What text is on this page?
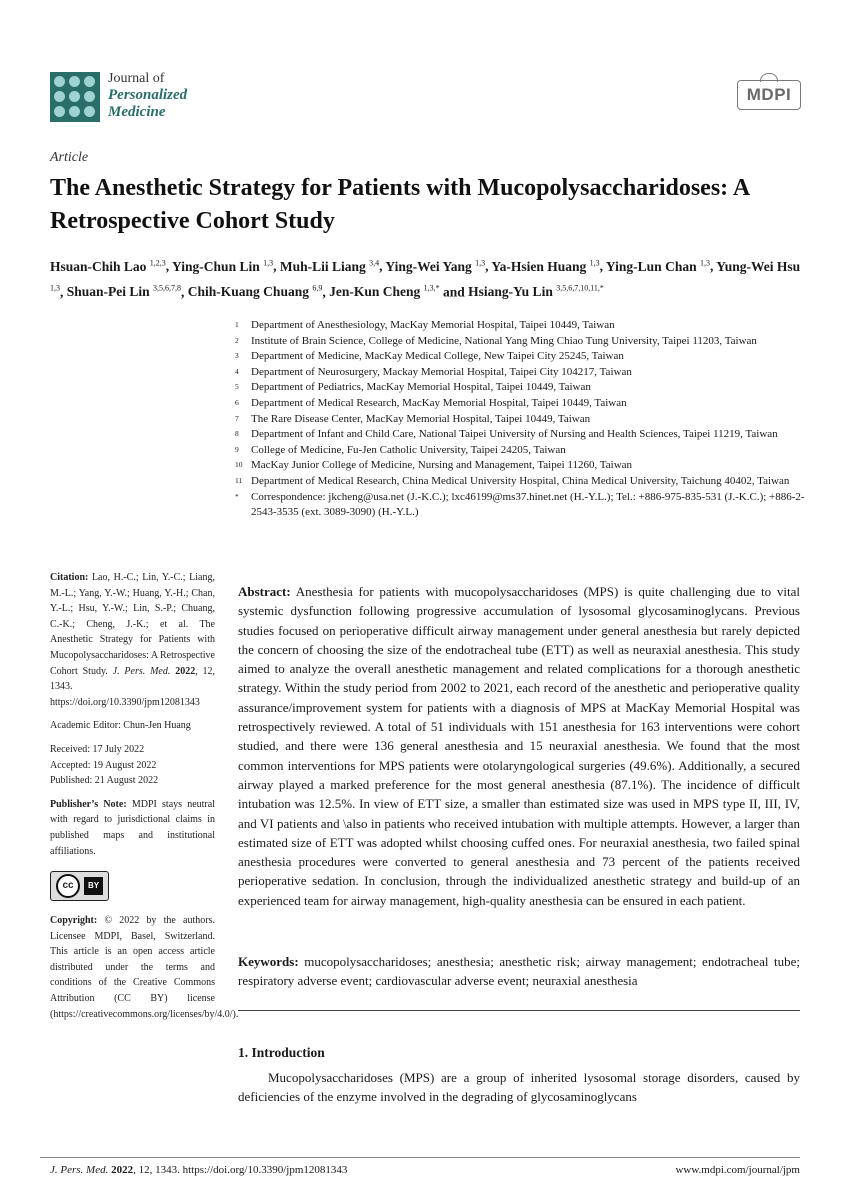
Journal of
Personalized
Medicine
MDPI
Article
The Anesthetic Strategy for Patients with Mucopolysaccharidoses: A Retrospective Cohort Study
Hsuan-Chih Lao $^{1,2,3}$, Ying-Chun Lin $^{1,3}$, Muh-Lii Liang $^{3,4}$, Ying-Wei Yang $^{1,3}$, Ya-Hsien Huang $^{1,3}$, Ying-Lun Chan $^{1,3}$, Yung-Wei Hsu $^{1,3}$, Shuan-Pei Lin $^{3,5,6,7,8}$, Chih-Kuang Chuang $^{6,9}$, Jen-Kun Cheng $^{1,3,*}$ and Hsiang-Yu Lin $^{3,5,6,7,10,11,*}$
1 Department of Anesthesiology, MacKay Memorial Hospital, Taipei 10449, Taiwan
2 Institute of Brain Science, College of Medicine, National Yang Ming Chiao Tung University, Taipei 11203, Taiwan
3 Department of Medicine, MacKay Medical College, New Taipei City 25245, Taiwan
4 Department of Neurosurgery, Mackay Memorial Hospital, Taipei City 104217, Taiwan
5 Department of Pediatrics, MacKay Memorial Hospital, Taipei 10449, Taiwan
6 Department of Medical Research, MacKay Memorial Hospital, Taipei 10449, Taiwan
7 The Rare Disease Center, MacKay Memorial Hospital, Taipei 10449, Taiwan
8 Department of Infant and Child Care, National Taipei University of Nursing and Health Sciences, Taipei 11219, Taiwan
9 College of Medicine, Fu-Jen Catholic University, Taipei 24205, Taiwan
10 MacKay Junior College of Medicine, Nursing and Management, Taipei 11260, Taiwan
11 Department of Medical Research, China Medical University Hospital, China Medical University, Taichung 40402, Taiwan
* Correspondence: jkcheng@usa.net (J.-K.C.); lxc46199@ms37.hinet.net (H.-Y.L.); Tel.: +886-975-835-531 (J.-K.C.); +886-2-2543-3535 (ext. 3089-3090) (H.-Y.L.)

Citation: Lao, H.-C.; Lin, Y.-C.; Liang, M.-L.; Yang, Y.-W.; Huang, Y.-H.; Chan, Y.-L.; Hsu, Y.-W.; Lin, S.-P.; Chuang, C.-K.; Cheng, J.-K.; et al. The Anesthetic Strategy for Patients with Mucopolysaccharidoses: A Retrospective Cohort Study. J. Pers. Med. 2022, 12, 1343. https://doi.org/10.3390/jpm12081343

Academic Editor: Chun-Jen Huang

Received: 17 July 2022
Accepted: 19 August 2022

Published: 21 August 2022

Publisher’s Note: MDPI stays neutral with regard to jurisdictional claims in published maps and institutional affiliations.

cc	BY

Copyright: © 2022 by the authors. Licensee MDPI, Basel, Switzerland. This article is an open access article distributed under the terms and conditions of the Creative Commons Attribution (CC BY) license (https://creativecommons.org/licenses/by/4.0/).

Abstract: Anesthesia for patients with mucopolysaccharidoses (MPS) is quite challenging due to vital systemic dysfunction following progressive accumulation of lysosomal glycosaminoglycans. Previous studies focused on perioperative difficult airway management under general anesthesia but rarely depicted the concern of choosing the size of the endotracheal tube (ETT) as well as neuraxial anesthesia. This study aimed to analyze the overall anesthetic management and related complications for a thorough anesthetic strategy. Within the study period from 2002 to 2021, each record of the anesthetic and perioperative quality assurance/improvement system for patients with a diagnosis of MPS at MacKay Memorial Hospital was retrospectively reviewed. A total of 51 individuals with 151 anesthesia for 163 interventions were cohort studied, and there were 136 general anesthesia and 15 neuraxial anesthesia. We found that the most common interventions for MPS patients were otolaryngological surgeries (49.6%). Additionally, a secured airway played a marked preference for the most general anesthesia (87.1%). The incidence of difficult intubation was 12.5%. In view of ETT size, a smaller than estimated size was used in MPS type II, III, IV, and VI patients and \also in patients who received intubation with multiple attempts. However, a larger than estimated size of ETT was adopted whilst choosing cuffed ones. For neuraxial anesthesia, two failed spinal anesthesia procedures were converted to general anesthesia and 73 percent of the patients received perioperative sedation. In conclusion, through the individualized anesthetic strategy and build-up of an experienced team for airway management, high-quality anesthesia can be ensured in each patient.
Keywords: mucopolysaccharidoses; anesthesia; anesthetic risk; airway management; endotracheal tube; respiratory adverse event; cardiovascular adverse event; neuraxial anesthesia
1. Introduction
Mucopolysaccharidoses (MPS) are a group of inherited lysosomal storage disorders, caused by deficiencies of the enzyme involved in the degrading of glycosaminoglycans
J. Pers. Med. 2022, 12, 1343. https://doi.org/10.3390/jpm12081343	www.mdpi.com/journal/jpm
